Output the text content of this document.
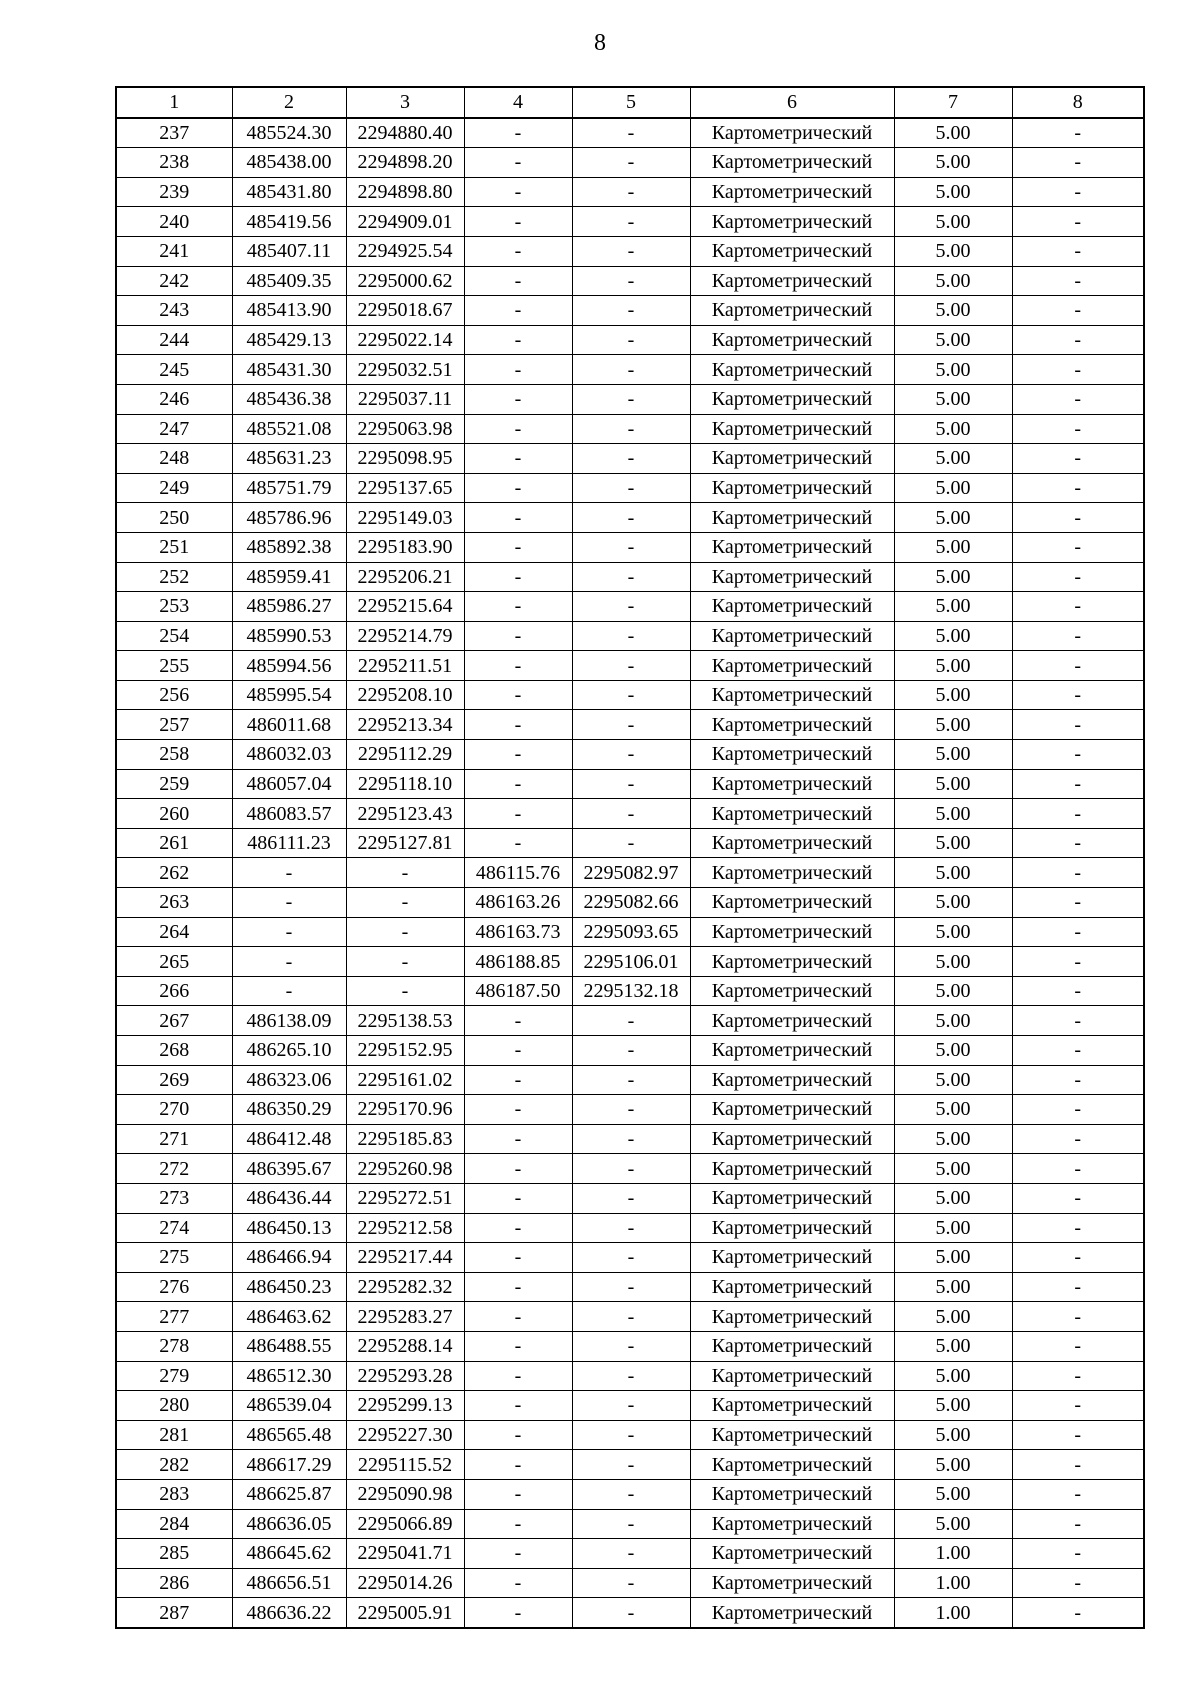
8
1	2	3	4	5	6	7	8
237	485524.30	2294880.40	-	-	Картометрический	5.00	-
238	485438.00	2294898.20	-	-	Картометрический	5.00	-
239	485431.80	2294898.80	-	-	Картометрический	5.00	-
240	485419.56	2294909.01	-	-	Картометрический	5.00	-
241	485407.11	2294925.54	-	-	Картометрический	5.00	-
242	485409.35	2295000.62	-	-	Картометрический	5.00	-
243	485413.90	2295018.67	-	-	Картометрический	5.00	-
244	485429.13	2295022.14	-	-	Картометрический	5.00	-
245	485431.30	2295032.51	-	-	Картометрический	5.00	-
246	485436.38	2295037.11	-	-	Картометрический	5.00	-
247	485521.08	2295063.98	-	-	Картометрический	5.00	-
248	485631.23	2295098.95	-	-	Картометрический	5.00	-
249	485751.79	2295137.65	-	-	Картометрический	5.00	-
250	485786.96	2295149.03	-	-	Картометрический	5.00	-
251	485892.38	2295183.90	-	-	Картометрический	5.00	-
252	485959.41	2295206.21	-	-	Картометрический	5.00	-
253	485986.27	2295215.64	-	-	Картометрический	5.00	-
254	485990.53	2295214.79	-	-	Картометрический	5.00	-
255	485994.56	2295211.51	-	-	Картометрический	5.00	-
256	485995.54	2295208.10	-	-	Картометрический	5.00	-
257	486011.68	2295213.34	-	-	Картометрический	5.00	-
258	486032.03	2295112.29	-	-	Картометрический	5.00	-
259	486057.04	2295118.10	-	-	Картометрический	5.00	-
260	486083.57	2295123.43	-	-	Картометрический	5.00	-
261	486111.23	2295127.81	-	-	Картометрический	5.00	-
262	-	-	486115.76	2295082.97	Картометрический	5.00	-
263	-	-	486163.26	2295082.66	Картометрический	5.00	-
264	-	-	486163.73	2295093.65	Картометрический	5.00	-
265	-	-	486188.85	2295106.01	Картометрический	5.00	-
266	-	-	486187.50	2295132.18	Картометрический	5.00	-
267	486138.09	2295138.53	-	-	Картометрический	5.00	-
268	486265.10	2295152.95	-	-	Картометрический	5.00	-
269	486323.06	2295161.02	-	-	Картометрический	5.00	-
270	486350.29	2295170.96	-	-	Картометрический	5.00	-
271	486412.48	2295185.83	-	-	Картометрический	5.00	-
272	486395.67	2295260.98	-	-	Картометрический	5.00	-
273	486436.44	2295272.51	-	-	Картометрический	5.00	-
274	486450.13	2295212.58	-	-	Картометрический	5.00	-
275	486466.94	2295217.44	-	-	Картометрический	5.00	-
276	486450.23	2295282.32	-	-	Картометрический	5.00	-
277	486463.62	2295283.27	-	-	Картометрический	5.00	-
278	486488.55	2295288.14	-	-	Картометрический	5.00	-
279	486512.30	2295293.28	-	-	Картометрический	5.00	-
280	486539.04	2295299.13	-	-	Картометрический	5.00	-
281	486565.48	2295227.30	-	-	Картометрический	5.00	-
282	486617.29	2295115.52	-	-	Картометрический	5.00	-
283	486625.87	2295090.98	-	-	Картометрический	5.00	-
284	486636.05	2295066.89	-	-	Картометрический	5.00	-
285	486645.62	2295041.71	-	-	Картометрический	1.00	-
286	486656.51	2295014.26	-	-	Картометрический	1.00	-
287	486636.22	2295005.91	-	-	Картометрический	1.00	-
